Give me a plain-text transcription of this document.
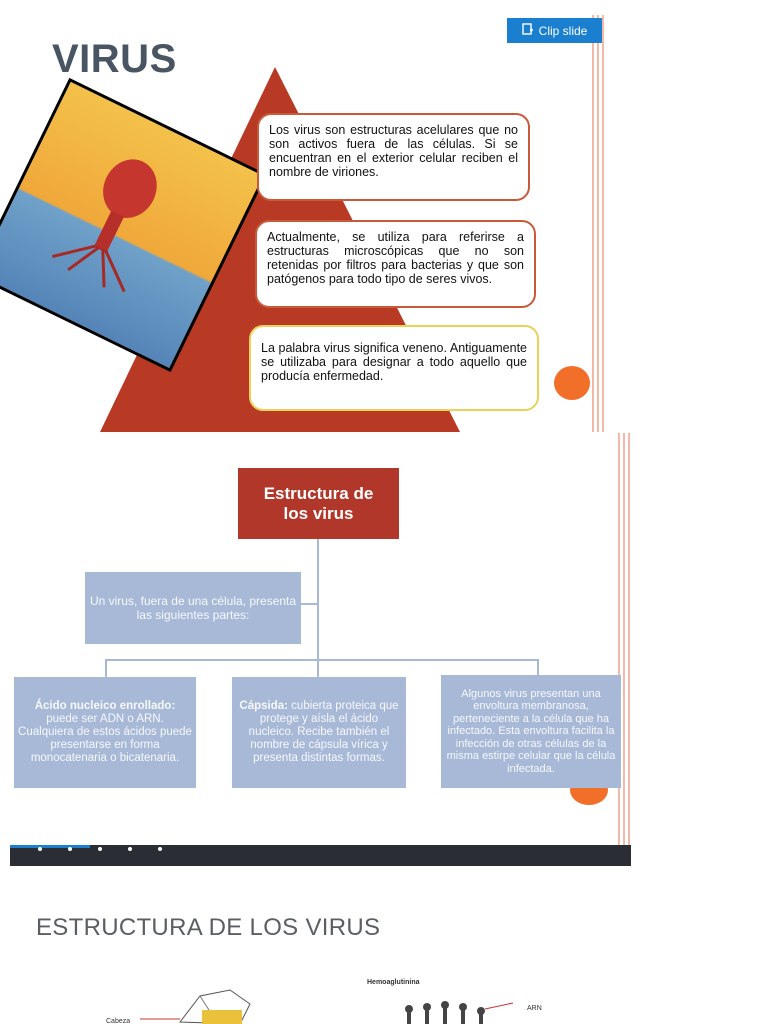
VIRUS
Los virus son estructuras acelulares que no son activos fuera de las células. Si se encuentran en el exterior celular reciben el nombre de viriones.
Actualmente, se utiliza para referirse a estructuras microscópicas que no son retenidas por filtros para bacterias y que son patógenos para todo tipo de seres vivos.
La palabra virus significa veneno. Antiguamente se utilizaba para designar a todo aquello que producía enfermedad.
Clip slide
Estructura de
los virus
Un virus, fuera de una célula, presenta las siguientes partes:
Ácido nucleico enrollado: puede ser ADN o ARN. Cualquiera de estos ácidos puede presentarse en forma monocatenaria o bicatenaria.
Cápsida: cubierta proteica que protege y aísla el ácido nucleico. Recibe también el nombre de cápsula vírica y presenta distintas formas.
Algunos virus presentan una envoltura membranosa, perteneciente a la célula que ha infectado. Esta envoltura facilita la infección de otras células de la misma estirpe celular que la célula infectada.
ESTRUCTURA DE LOS VIRUS
Hemoaglutinina
ARN
Cabeza
